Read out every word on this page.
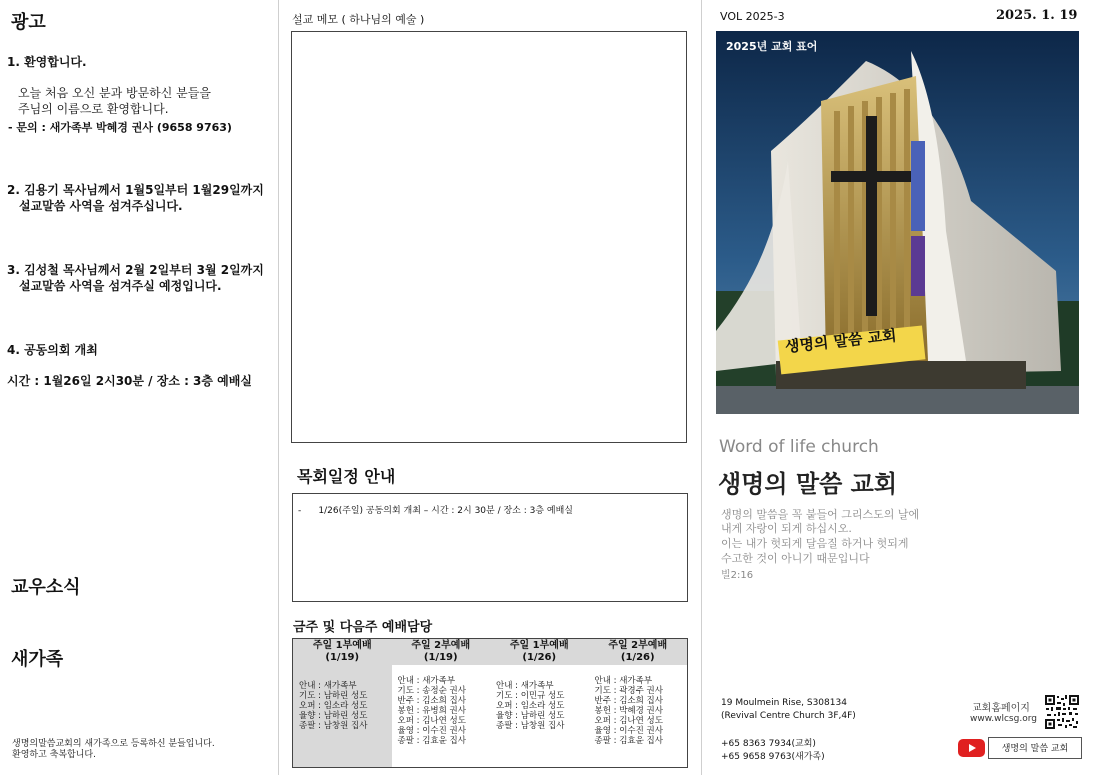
광고
1. 환영합니다.
오늘 처음 오신 분과 방문하신 분들을
주님의 이름으로 환영합니다.
- 문의 : 새가족부 박혜경 권사 (9658 9763)
2. 김용기 목사님께서 1월5일부터 1월29일까지
설교말씀 사역을 섬겨주십니다.
3. 김성철 목사님께서 2월 2일부터 3월 2일까지
설교말씀 사역을 섬겨주실 예정입니다.
4. 공동의회 개최
시간 : 1월26일 2시30분 / 장소 : 3층 예배실
교우소식
새가족
생명의말씀교회의 새가족으로 등록하신 분들입니다.
환영하고 축복합니다.
설교 메모 ( 하나님의 예술 )
목회일정 안내
-      1/26(주일) 공동의회 개최 – 시간 : 2시 30분 / 장소 : 3층 예배실
금주 및 다음주 예배담당
주일 1부예배
(1/19)
안내 : 새가족부
기도 : 남하린 성도
오퍼 : 임소라 성도
율향 : 남하린 성도
종팔 : 남창원 집사
주일 2부예배
(1/19)
안내 : 새가족부
기도 : 송정순 권사
반주 : 김소희 집사
봉헌 : 유병희 권사
오퍼 : 김나연 성도
율영 : 이수진 권사
종팔 : 김효윤 집사
주일 1부예배
(1/26)
안내 : 새가족부
기도 : 이민규 성도
오퍼 : 임소라 성도
율향 : 남하린 성도
종팔 : 남창원 집사
주일 2부예배
(1/26)
안내 : 새가족부
기도 : 곽경주 권사
반주 : 김소희 집사
봉헌 : 박혜경 권사
오퍼 : 김나연 성도
율영 : 이수진 권사
종팔 : 김효윤 집사
VOL 2025-3	2025. 1. 19
2025년 교회 표어
생명의 말씀 교회
Word of life church
생명의 말씀 교회
생명의 말씀을 꼭 붙들어 그리스도의 날에
내게 자랑이 되게 하십시오.
이는 내가 헛되게 달음질 하거나 헛되게
수고한 것이 아니기 때문입니다
빌2:16
19 Moulmein Rise, S308134
(Revival Centre Church 3F,4F)
+65 8363 7934(교회)
+65 9658 9763(새가족)
교회홈페이지
www.wlcsg.org
생명의 말씀 교회
